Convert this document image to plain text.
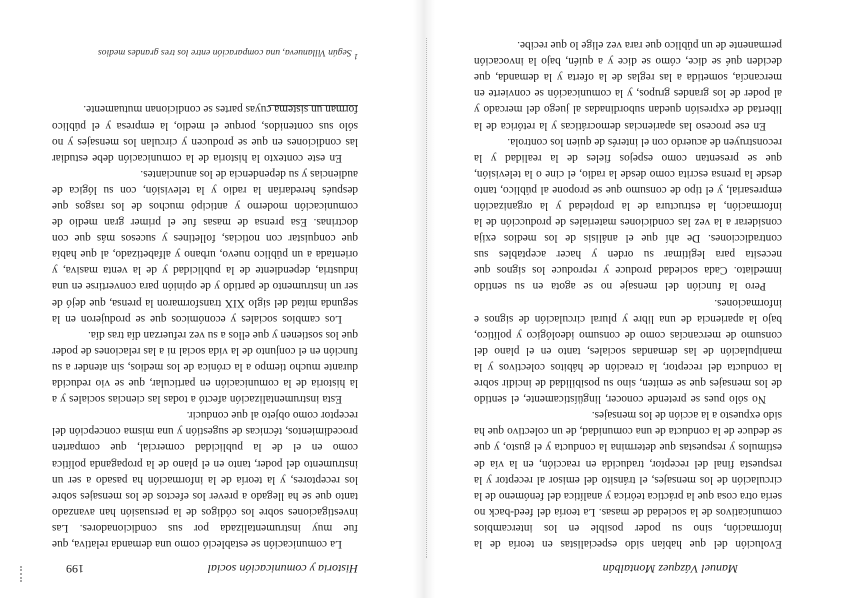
Manuel Vázquez Montalbán

Evolución del que habían sido especialistas en teoría de la información, sino su poder posible en los intercambios comunicativos de la sociedad de masas. La teoría del feed-back no sería otra cosa que la práctica teórica y analítica del fenómeno de la circulación de los mensajes, el tránsito del emisor al receptor y la respuesta final del receptor, traducida en reacción, en la vía de estímulos y respuestas que determina la conducta y el gusto, y que se deduce de la conducta de una comunidad, de un colectivo que ha sido expuesto a la acción de los mensajes.

No sólo pues se pretende conocer, lingüísticamente, el sentido de los mensajes que se emiten, sino su posibilidad de incidir sobre la conducta del receptor, la creación de hábitos colectivos y la manipulación de las demandas sociales, tanto en el plano del consumo de mercancías como de consumo ideológico y político, bajo la apariencia de una libre y plural circulación de signos e informaciones.

Pero la función del mensaje no se agota en su sentido inmediato. Cada sociedad produce y reproduce los signos que necesita para legitimar su orden y hacer aceptables sus contradicciones. De ahí que el análisis de los medios exija considerar a la vez las condiciones materiales de producción de la información, la estructura de la propiedad y la organización empresarial, y el tipo de consumo que se propone al público, tanto desde la prensa escrita como desde la radio, el cine o la televisión, que se presentan como espejos fieles de la realidad y la reconstruyen de acuerdo con el interés de quien los controla.

En ese proceso las apariencias democráticas y la retórica de la libertad de expresión quedan subordinadas al juego del mercado y al poder de los grandes grupos, y la comunicación se convierte en mercancía, sometida a las reglas de la oferta y la demanda, que deciden qué se dice, cómo se dice y a quién, bajo la invocación permanente de un público que rara vez elige lo que recibe.

Historia y comunicación social
199

La comunicación se estableció como una demanda relativa, que fue muy instrumentalizada por sus condicionadores. Las investigaciones sobre los códigos de la persuasión han avanzado tanto que se ha llegado a prever los efectos de los mensajes sobre los receptores, y la teoría de la información ha pasado a ser un instrumento del poder, tanto en el plano de la propaganda política como en el de la publicidad comercial, que comparten procedimientos, técnicas de sugestión y una misma concepción del receptor como objeto al que conducir.

Esta instrumentalización afectó a todas las ciencias sociales y a la historia de la comunicación en particular, que se vio reducida durante mucho tiempo a la crónica de los medios, sin atender a su función en el conjunto de la vida social ni a las relaciones de poder que los sostienen y que ellos a su vez refuerzan día tras día.

Los cambios sociales y económicos que se produjeron en la segunda mitad del siglo XIX transformaron la prensa, que dejó de ser un instrumento de partido y de opinión para convertirse en una industria, dependiente de la publicidad y de la venta masiva, y orientada a un público nuevo, urbano y alfabetizado, al que había que conquistar con noticias, folletines y sucesos más que con doctrinas. Esa prensa de masas fue el primer gran medio de comunicación moderno y anticipó muchos de los rasgos que después heredarían la radio y la televisión, con su lógica de audiencias y su dependencia de los anunciantes.

En este contexto la historia de la comunicación debe estudiar las condiciones en que se producen y circulan los mensajes y no sólo sus contenidos, porque el medio, la empresa y el público forman un sistema cuyas partes se condicionan mutuamente.

$^1$ Según Villanueva, una comparación entre los tres grandes medios
